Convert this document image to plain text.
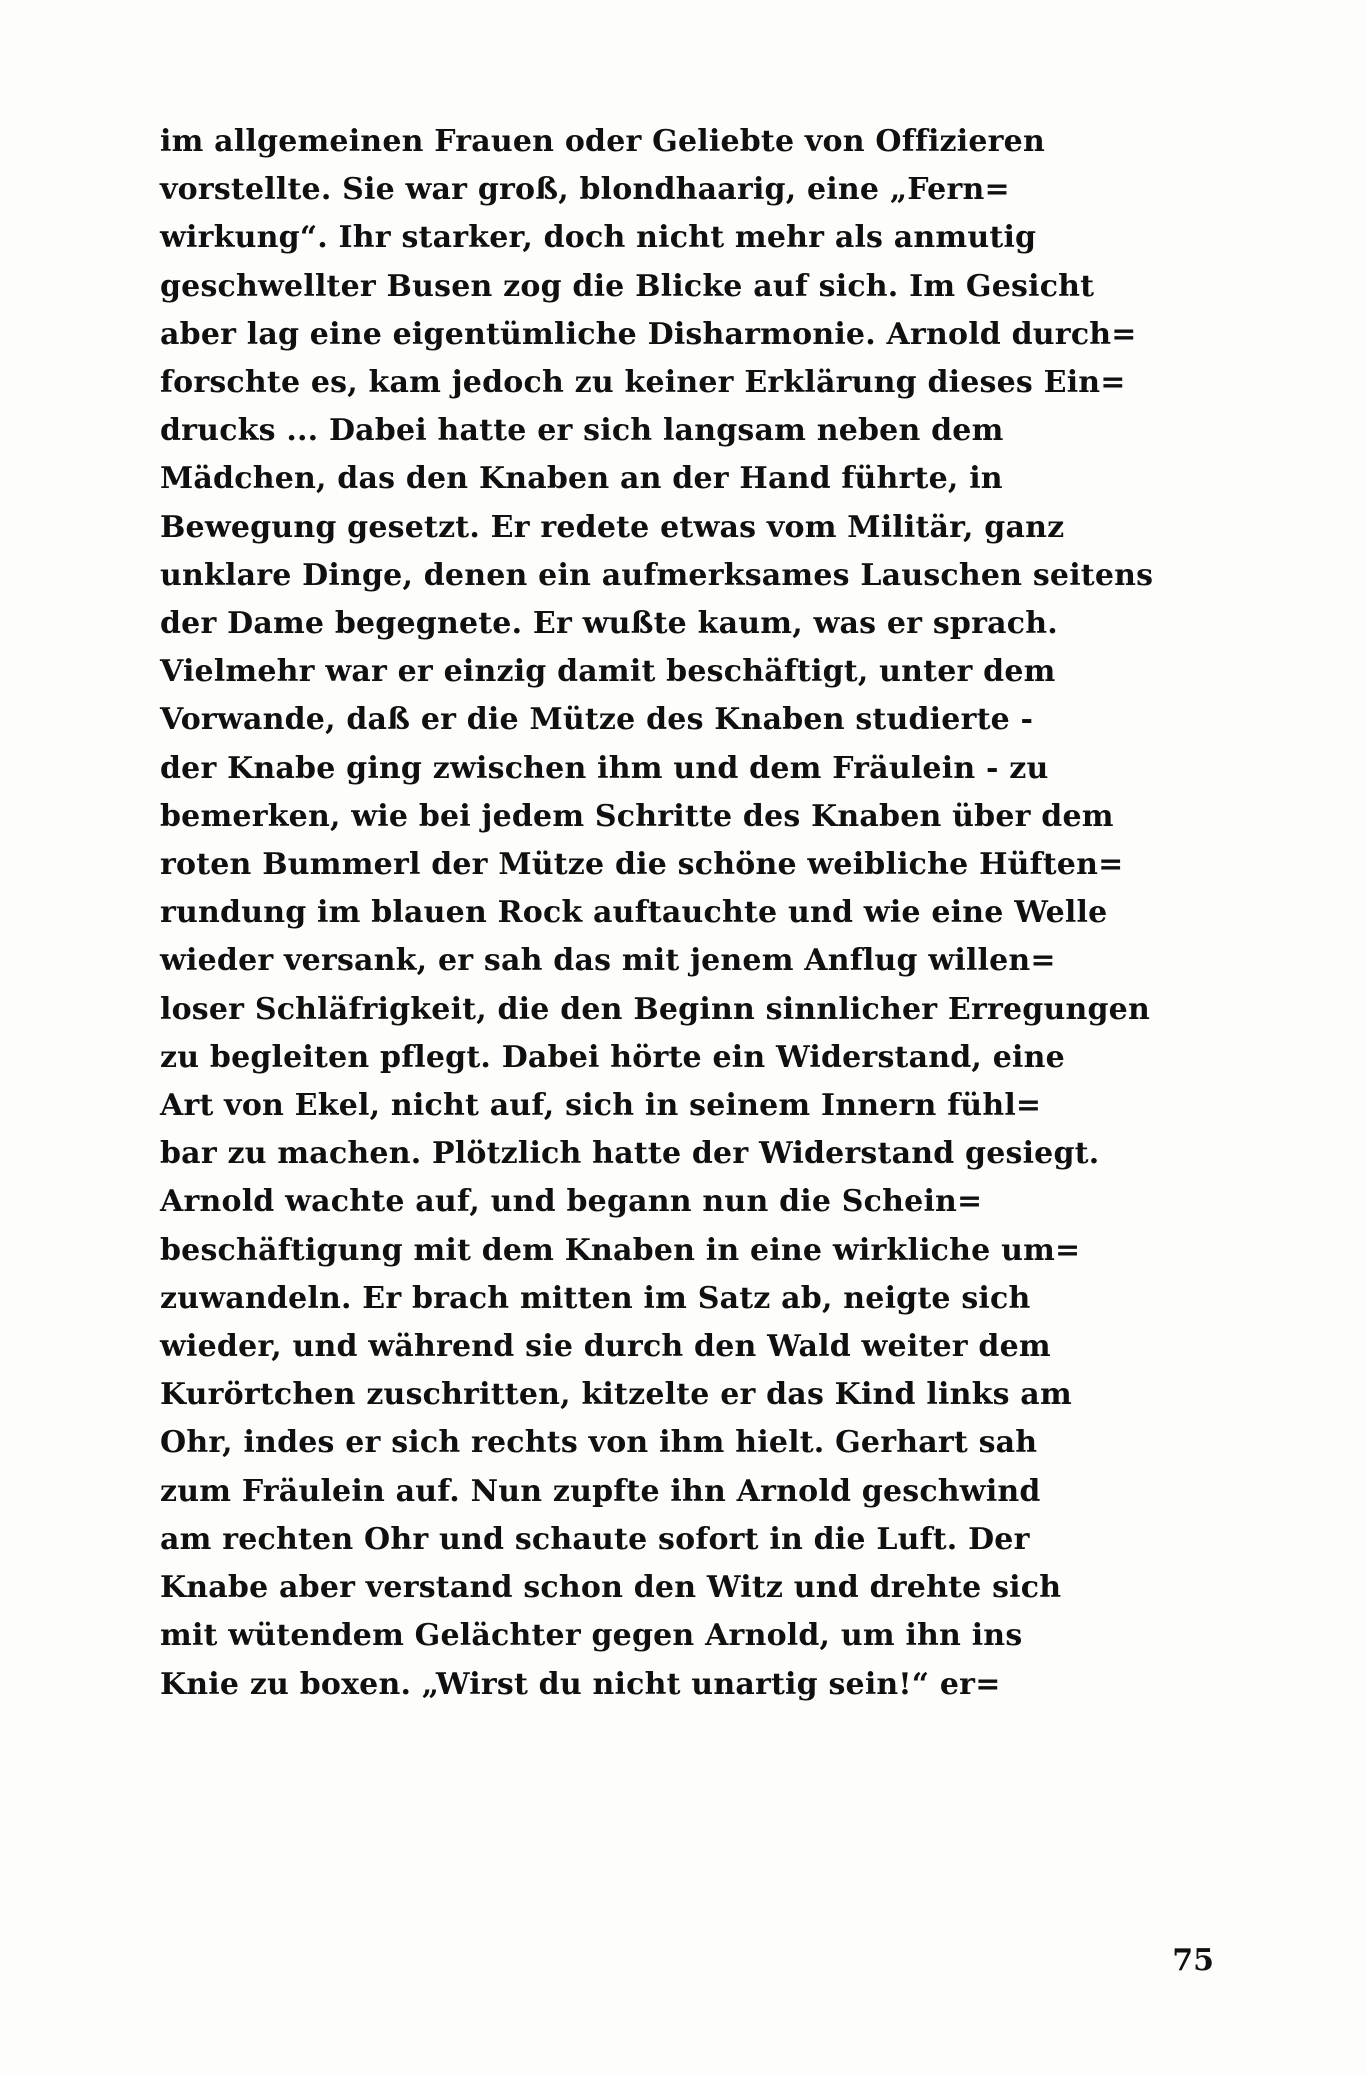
im allgemeinen Frauen oder Geliebte von Offizieren
vorstellte. Sie war groß, blondhaarig, eine „Fern=
wirkung“. Ihr starker, doch nicht mehr als anmutig
geschwellter Busen zog die Blicke auf sich. Im Gesicht
aber lag eine eigentümliche Disharmonie. Arnold durch=
forschte es, kam jedoch zu keiner Erklärung dieses Ein=
drucks ... Dabei hatte er sich langsam neben dem
Mädchen, das den Knaben an der Hand führte, in
Bewegung gesetzt. Er redete etwas vom Militär, ganz
unklare Dinge, denen ein aufmerksames Lauschen seitens
der Dame begegnete. Er wußte kaum, was er sprach.
Vielmehr war er einzig damit beschäftigt, unter dem
Vorwande, daß er die Mütze des Knaben studierte -
der Knabe ging zwischen ihm und dem Fräulein - zu
bemerken, wie bei jedem Schritte des Knaben über dem
roten Bummerl der Mütze die schöne weibliche Hüften=
rundung im blauen Rock auftauchte und wie eine Welle
wieder versank, er sah das mit jenem Anflug willen=
loser Schläfrigkeit, die den Beginn sinnlicher Erregungen
zu begleiten pflegt. Dabei hörte ein Widerstand, eine
Art von Ekel, nicht auf, sich in seinem Innern fühl=
bar zu machen. Plötzlich hatte der Widerstand gesiegt.
Arnold wachte auf, und begann nun die Schein=
beschäftigung mit dem Knaben in eine wirkliche um=
zuwandeln. Er brach mitten im Satz ab, neigte sich
wieder, und während sie durch den Wald weiter dem
Kurörtchen zuschritten, kitzelte er das Kind links am
Ohr, indes er sich rechts von ihm hielt. Gerhart sah
zum Fräulein auf. Nun zupfte ihn Arnold geschwind
am rechten Ohr und schaute sofort in die Luft. Der
Knabe aber verstand schon den Witz und drehte sich
mit wütendem Gelächter gegen Arnold, um ihn ins
Knie zu boxen. „Wirst du nicht unartig sein!“ er=
75
